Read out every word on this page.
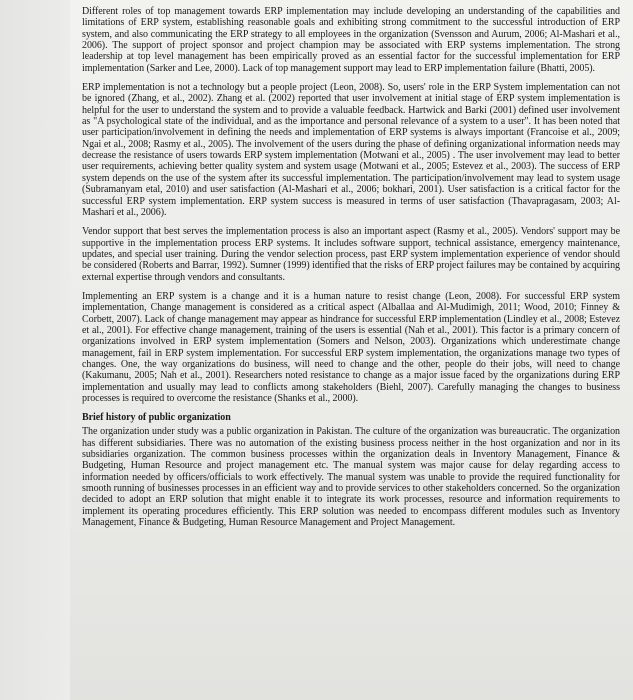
Different roles of top management towards ERP implementation may include developing an understanding of the capabilities and limitations of ERP system, establishing reasonable goals and exhibiting strong commitment to the successful introduction of ERP system, and also communicating the ERP strategy to all employees in the organization (Svensson and Aurum, 2006; Al-Mashari et al., 2006). The support of project sponsor and project champion may be associated with ERP systems implementation. The strong leadership at top level management has been empirically proved as an essential factor for the successful implementation for ERP implementation (Sarker and Lee, 2000). Lack of top management support may lead to ERP implementation failure (Bhatti, 2005).

ERP implementation is not a technology but a people project (Leon, 2008). So, users' role in the ERP System implementation can not be ignored (Zhang, et al., 2002). Zhang et al. (2002) reported that user involvement at initial stage of ERP system implementation is helpful for the user to understand the system and to provide a valuable feedback. Hartwick and Barki (2001) defined user involvement as "A psychological state of the individual, and as the importance and personal relevance of a system to a user". It has been noted that user participation/involvement in defining the needs and implementation of ERP systems is always important (Francoise et al., 2009; Ngai et al., 2008; Rasmy et al., 2005). The involvement of the users during the phase of defining organizational information needs may decrease the resistance of users towards ERP system implementation (Motwani et al., 2005) . The user involvement may lead to better user requirements, achieving better quality system and system usage (Motwani et al., 2005; Estevez et al., 2003). The success of ERP system depends on the use of the system after its successful implementation. The participation/involvement may lead to system usage (Subramanyam etal, 2010) and user satisfaction (Al-Mashari et al., 2006; bokhari, 2001). User satisfaction is a critical factor for the successful ERP system implementation. ERP system success is measured in terms of user satisfaction (Thavapragasam, 2003; Al-Mashari et al., 2006).

Vendor support that best serves the implementation process is also an important aspect (Rasmy et al., 2005). Vendors' support may be supportive in the implementation process ERP systems. It includes software support, technical assistance, emergency maintenance, updates, and special user training. During the vendor selection process, past ERP system implementation experience of vendor should be considered (Roberts and Barrar, 1992). Sumner (1999) identified that the risks of ERP project failures may be contained by acquiring external expertise through vendors and consultants.

Implementing an ERP system is a change and it is a human nature to resist change (Leon, 2008). For successful ERP system implementation, Change management is considered as a critical aspect (Alballaa and Al-Mudimigh, 2011; Wood, 2010; Finney & Corbett, 2007). Lack of change management may appear as hindrance for successful ERP implementation (Lindley et al., 2008; Estevez et al., 2001). For effective change management, training of the users is essential (Nah et al., 2001). This factor is a primary concern of organizations involved in ERP system implementation (Somers and Nelson, 2003). Organizations which underestimate change management, fail in ERP system implementation. For successful ERP system implementation, the organizations manage two types of changes. One, the way organizations do business, will need to change and the other, people do their jobs, will need to change (Kakumanu, 2005; Nah et al., 2001). Researchers noted resistance to change as a major issue faced by the organizations during ERP implementation and usually may lead to conflicts among stakeholders (Biehl, 2007). Carefully managing the changes to business processes is required to overcome the resistance (Shanks et al., 2000).

Brief history of public organization

The organization under study was a public organization in Pakistan. The culture of the organization was bureaucratic. The organization has different subsidiaries. There was no automation of the existing business process neither in the host organization and nor in its subsidiaries organization. The common business processes within the organization deals in Inventory Management, Finance & Budgeting, Human Resource and project management etc. The manual system was major cause for delay regarding access to information needed by officers/officials to work effectively. The manual system was unable to provide the required functionality for smooth running of businesses processes in an efficient way and to provide services to other stakeholders concerned. So the organization decided to adopt an ERP solution that might enable it to integrate its work processes, resource and information requirements to implement its operating procedures efficiently. This ERP solution was needed to encompass different modules such as Inventory Management, Finance & Budgeting, Human Resource Management and Project Management.
